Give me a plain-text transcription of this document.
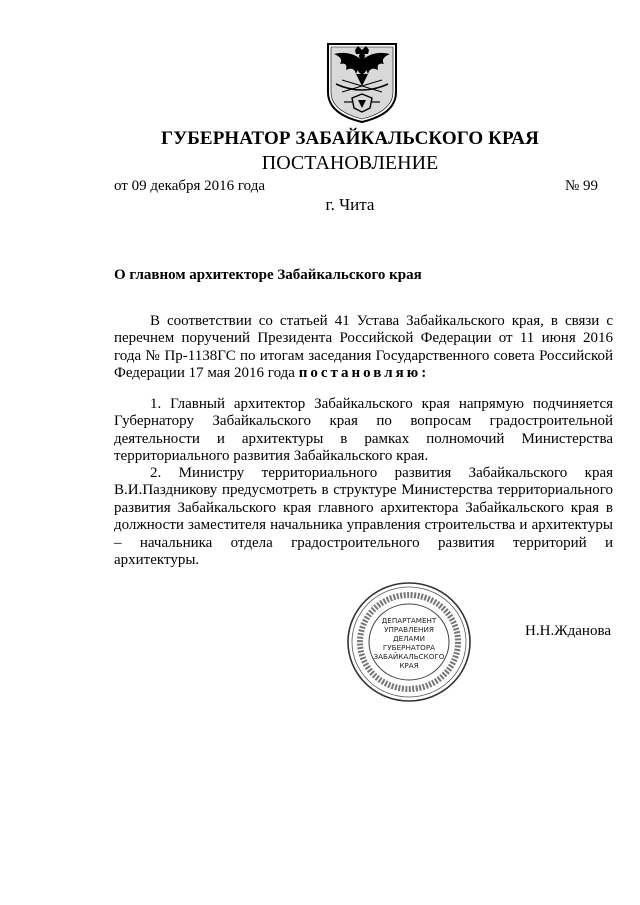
ГУБЕРНАТОР ЗАБАЙКАЛЬСКОГО КРАЯ
ПОСТАНОВЛЕНИЕ
от 09 декабря 2016 года	№ 99
г. Чита
О главном архитекторе Забайкальского края

В соответствии со статьей 41 Устава Забайкальского края, в связи с перечнем поручений Президента Российской Федерации от 11 июня 2016 года № Пр-1138ГС по итогам заседания Государственного совета Российской Федерации 17 мая 2016 года постановляю:

1. Главный архитектор Забайкальского края напрямую подчиняется Губернатору Забайкальского края по вопросам градостроительной деятельности и архитектуры в рамках полномочий Министерства территориального развития Забайкальского края.

2. Министру территориального развития Забайкальского края В.И.Паздникову предусмотреть в структуре Министерства территориального развития Забайкальского края главного архитектора Забайкальского края в должности заместителя начальника управления строительства и архитектуры – начальника отдела градостроительного развития территорий и архитектуры.

ДЕПАРТАМЕНТ
УПРАВЛЕНИЯ
ДЕЛАМИ
ГУБЕРНАТОРА
ЗАБАЙКАЛЬСКОГО
КРАЯ
Н.Н.Жданова
